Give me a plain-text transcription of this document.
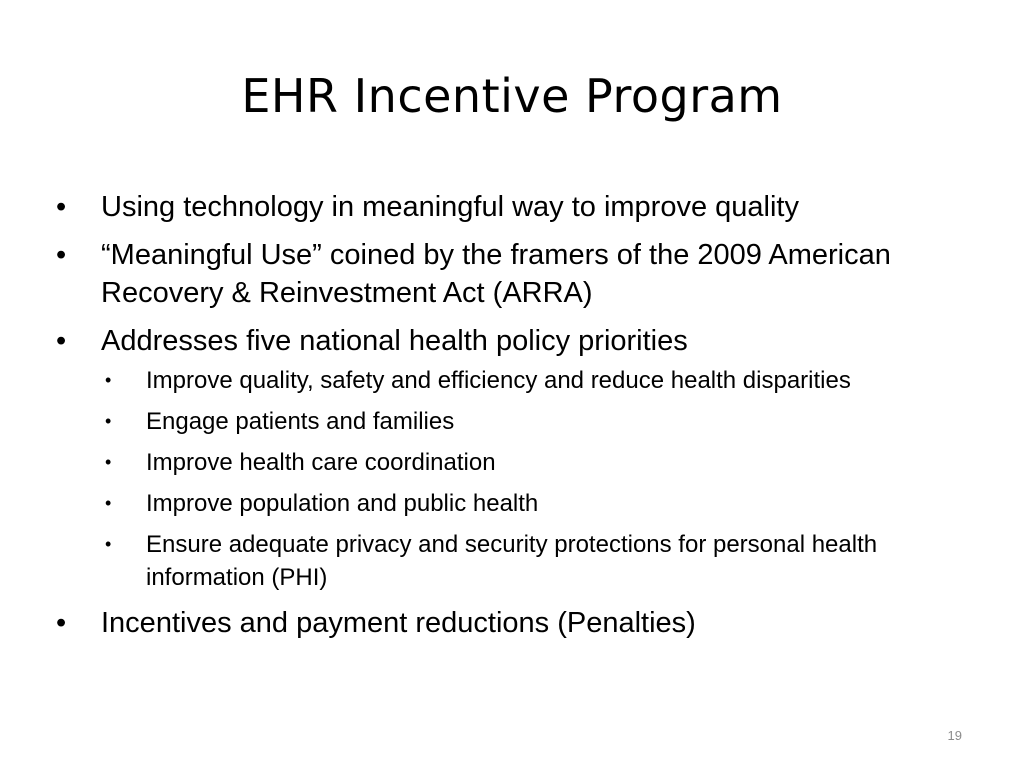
EHR Incentive Program
•	Using technology in meaningful way to improve quality
•	“Meaningful Use” coined by the framers of the 2009 American Recovery & Reinvestment Act (ARRA)
•	Addresses five national health policy priorities
•	Improve quality, safety and efficiency and reduce health disparities
•	Engage patients and families
•	Improve health care coordination
•	Improve population and public health
•	Ensure adequate privacy and security protections for personal health information (PHI)
•	Incentives and payment reductions (Penalties)
19
